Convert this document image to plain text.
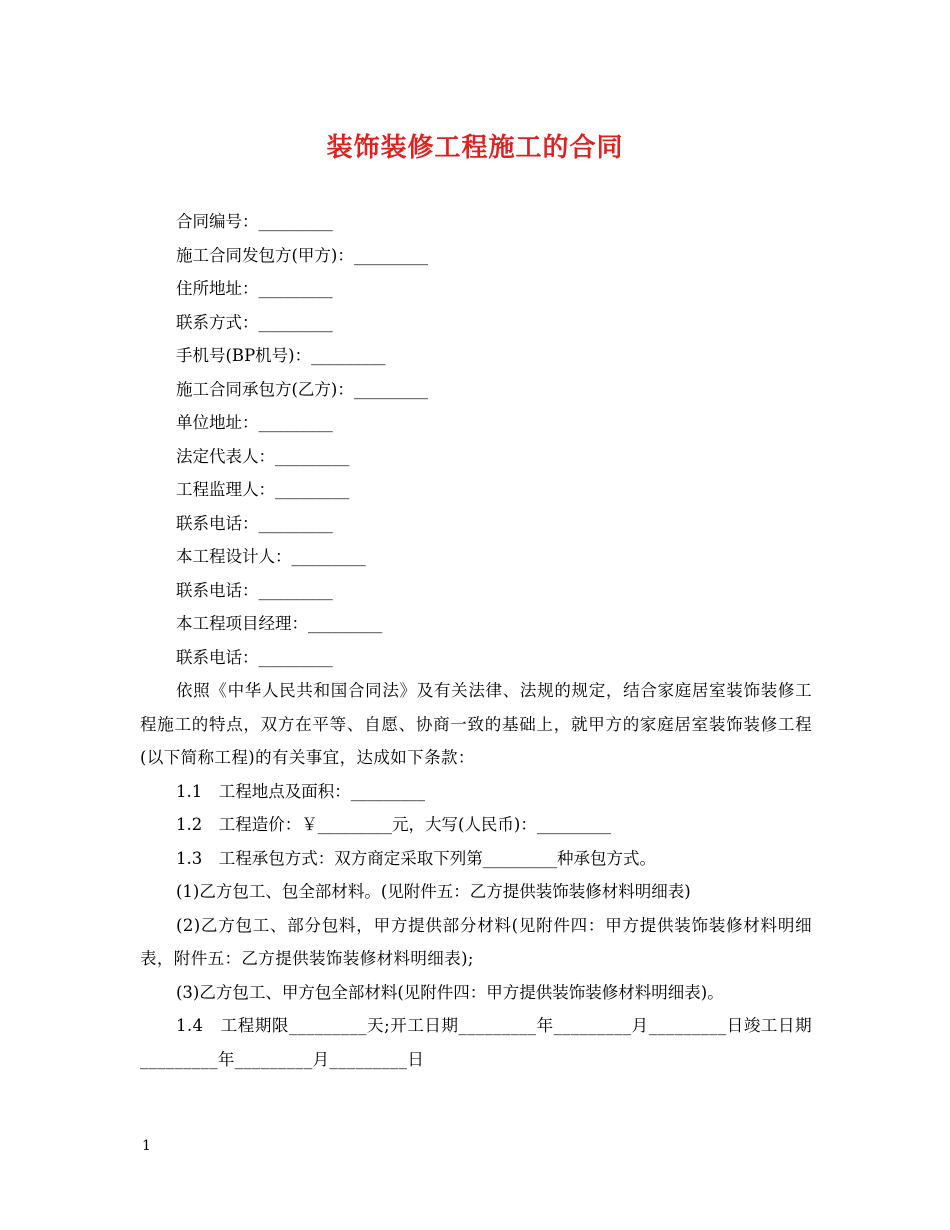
装饰装修工程施工的合同
合同编号：_________
施工合同发包方(甲方)：_________
住所地址：_________
联系方式：_________
手机号(BP机号)：_________
施工合同承包方(乙方)：_________
单位地址：_________
法定代表人：_________
工程监理人：_________
联系电话：_________
本工程设计人：_________
联系电话：_________
本工程项目经理：_________
联系电话：_________
依照《中华人民共和国合同法》及有关法律、法规的规定，结合家庭居室装饰装修工程施工的特点，双方在平等、自愿、协商一致的基础上，就甲方的家庭居室装饰装修工程(以下简称工程)的有关事宜，达成如下条款：
1.1　工程地点及面积：_________
1.2　工程造价：￥_________元，大写(人民币)：_________
1.3　工程承包方式：双方商定采取下列第_________种承包方式。
(1)乙方包工、包全部材料。(见附件五：乙方提供装饰装修材料明细表)
(2)乙方包工、部分包料，甲方提供部分材料(见附件四：甲方提供装饰装修材料明细表，附件五：乙方提供装饰装修材料明细表);
(3)乙方包工、甲方包全部材料(见附件四：甲方提供装饰装修材料明细表)。
1.4　工程期限_________天;开工日期_________年_________月_________日竣工日期_________年_________月_________日
1
